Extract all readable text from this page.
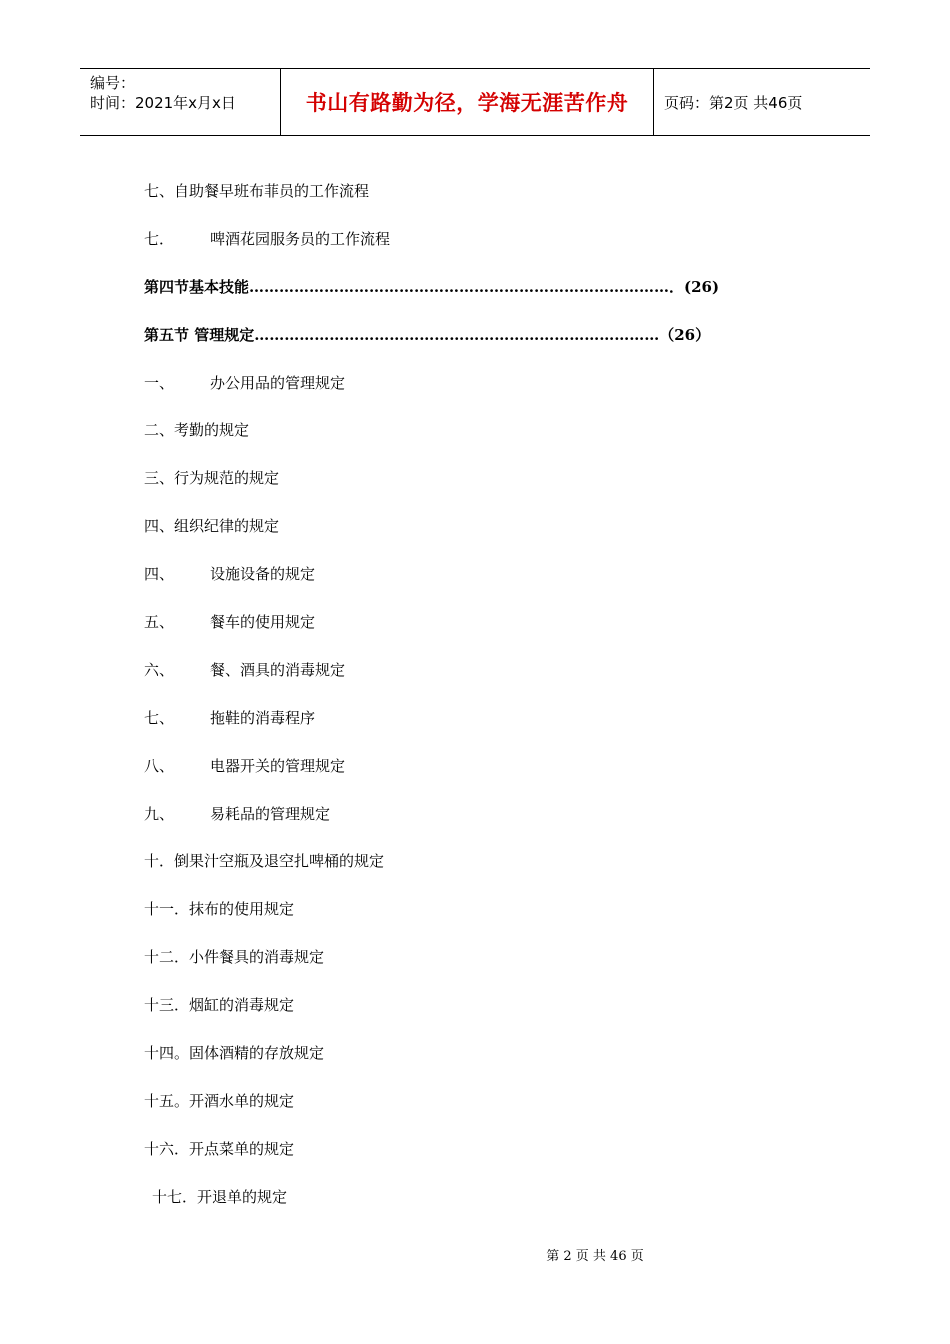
编号：
时间：2021年x月x日	书山有路勤为径，学海无涯苦作舟 页码：第2页 共46页
七、自助餐早班布菲员的工作流程
七． 啤酒花园服务员的工作流程
第四节基本技能…………………………………………………………………………．(26)
第五节 管理规定………………………………………………………………………（26）
一、 办公用品的管理规定
二、考勤的规定
三、行为规范的规定
四、组织纪律的规定
四、 设施设备的规定
五、 餐车的使用规定
六、 餐、酒具的消毒规定
七、 拖鞋的消毒程序
八、 电器开关的管理规定
九、 易耗品的管理规定
十．倒果汁空瓶及退空扎啤桶的规定
十一．抹布的使用规定
十二．小件餐具的消毒规定
十三．烟缸的消毒规定
十四。固体酒精的存放规定
十五。开酒水单的规定
十六．开点菜单的规定
十七．开退单的规定
第 2 页 共 46 页
